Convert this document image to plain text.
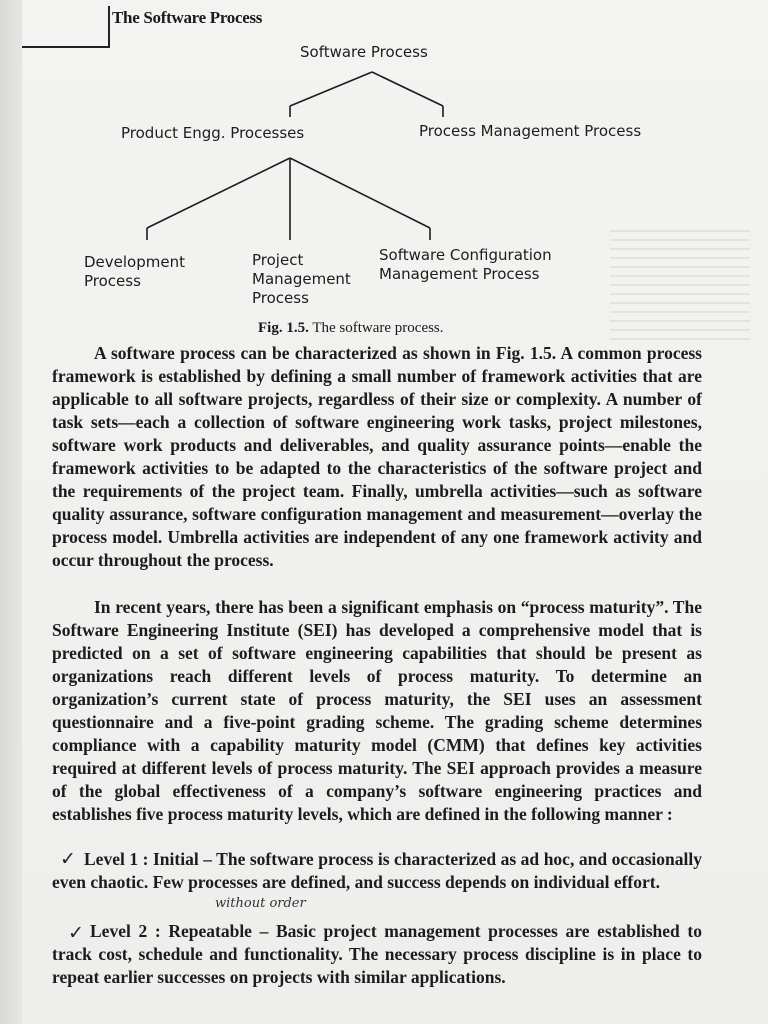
The Software Process
Software Process
Product Engg. Processes	Process Management Process
Development
Process
Project
Management
Process
Software Configuration
Management Process
Fig. 1.5. The software process.

A software process can be characterized as shown in Fig. 1.5. A common process framework is established by defining a small number of framework activities that are applicable to all software projects, regardless of their size or complexity. A number of task sets—each a collection of software engineering work tasks, project milestones, software work products and deliverables, and quality assurance points—enable the framework activities to be adapted to the characteristics of the software project and the requirements of the project team. Finally, umbrella activities—such as software quality assurance, software configuration management and measurement—overlay the process model. Umbrella activities are independent of any one framework activity and occur throughout the process.

In recent years, there has been a significant emphasis on “process maturity”. The Software Engineering Institute (SEI) has developed a comprehensive model that is predicted on a set of software engineering capabilities that should be present as organizations reach different levels of process maturity. To determine an organization’s current state of process maturity, the SEI uses an assessment questionnaire and a five-point grading scheme. The grading scheme determines compliance with a capability maturity model (CMM) that defines key activities required at different levels of process maturity. The SEI approach provides a measure of the global effectiveness of a company’s software engineering practices and establishes five process maturity levels, which are defined in the following manner :

✓ Level 1 : Initial – The software process is characterized as ad hoc, and occasionally even chaotic. Few processes are defined, and success depends on individual effort.

without order
✓ Level 2 : Repeatable – Basic project management processes are established to track cost, schedule and functionality. The necessary process discipline is in place to repeat earlier successes on projects with similar applications.
